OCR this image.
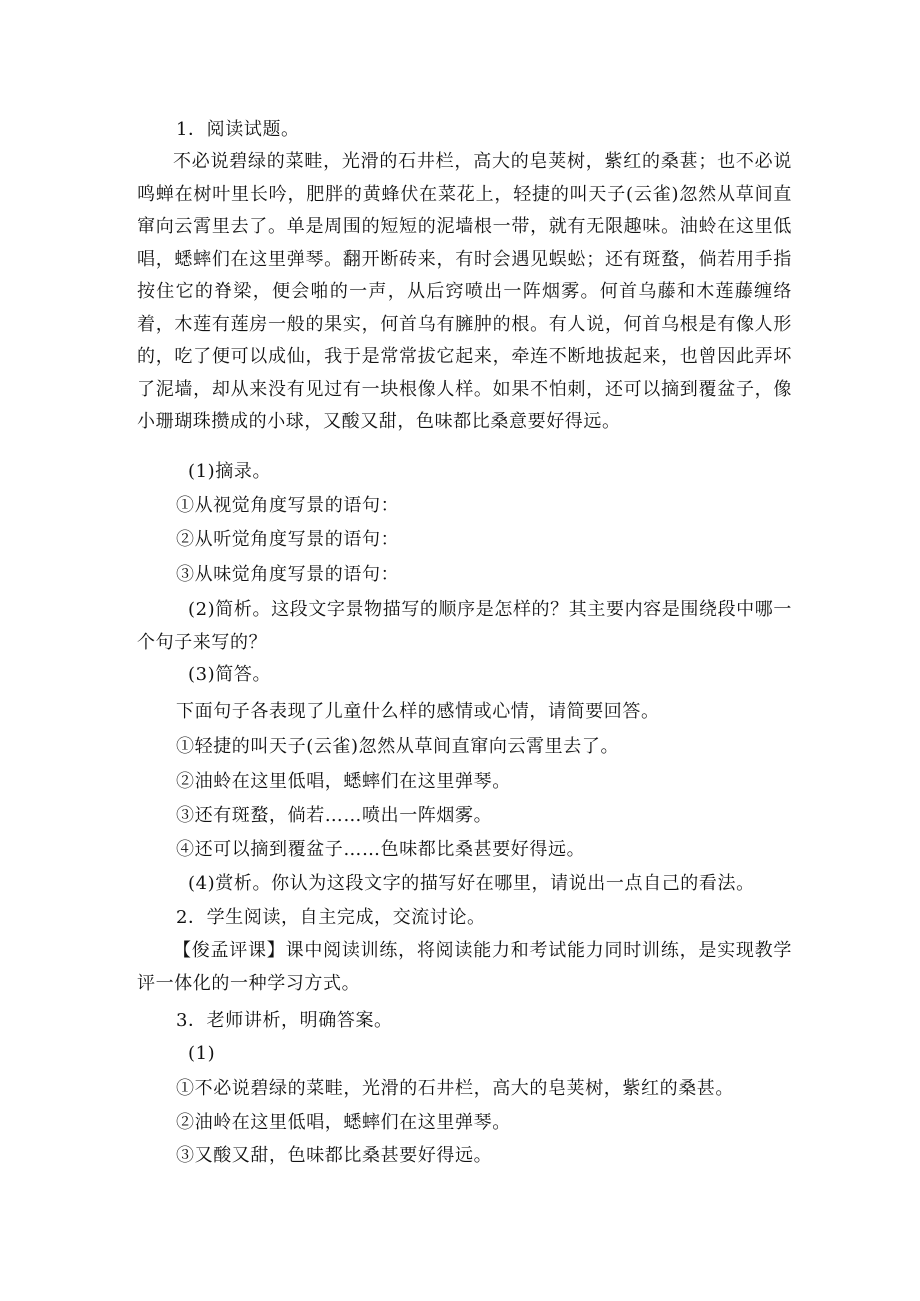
1．阅读试题。
不必说碧绿的菜畦，光滑的石井栏，高大的皂荚树，紫红的桑葚；也不必说鸣蝉在树叶里长吟，肥胖的黄蜂伏在菜花上，轻捷的叫天子(云雀)忽然从草间直窜向云霄里去了。单是周围的短短的泥墙根一带，就有无限趣味。油蛉在这里低唱，蟋蟀们在这里弹琴。翻开断砖来，有时会遇见蜈蚣；还有斑蝥，倘若用手指按住它的脊梁，便会啪的一声，从后窍喷出一阵烟雾。何首乌藤和木莲藤缠络着，木莲有莲房一般的果实，何首乌有臃肿的根。有人说，何首乌根是有像人形的，吃了便可以成仙，我于是常常拔它起来，牵连不断地拔起来，也曾因此弄坏了泥墙，却从来没有见过有一块根像人样。如果不怕刺，还可以摘到覆盆子，像小珊瑚珠攒成的小球，又酸又甜，色味都比桑意要好得远。
(1)摘录。
①从视觉角度写景的语句：
②从听觉角度写景的语句：
③从味觉角度写景的语句：
(2)简析。这段文字景物描写的顺序是怎样的？其主要内容是围绕段中哪一个句子来写的？
(3)简答。
下面句子各表现了儿童什么样的感情或心情，请简要回答。
①轻捷的叫天子(云雀)忽然从草间直窜向云霄里去了。
②油蛉在这里低唱，蟋蟀们在这里弹琴。
③还有斑蝥，倘若……喷出一阵烟雾。
④还可以摘到覆盆子……色味都比桑甚要好得远。
(4)赏析。你认为这段文字的描写好在哪里，请说出一点自己的看法。
2．学生阅读，自主完成，交流讨论。
【俊孟评课】课中阅读训练，将阅读能力和考试能力同时训练，是实现教学评一体化的一种学习方式。
3．老师讲析，明确答案。
(1)
①不必说碧绿的菜畦，光滑的石井栏，高大的皂荚树，紫红的桑甚。
②油岭在这里低唱，蟋蟀们在这里弹琴。
③又酸又甜，色味都比桑甚要好得远。
